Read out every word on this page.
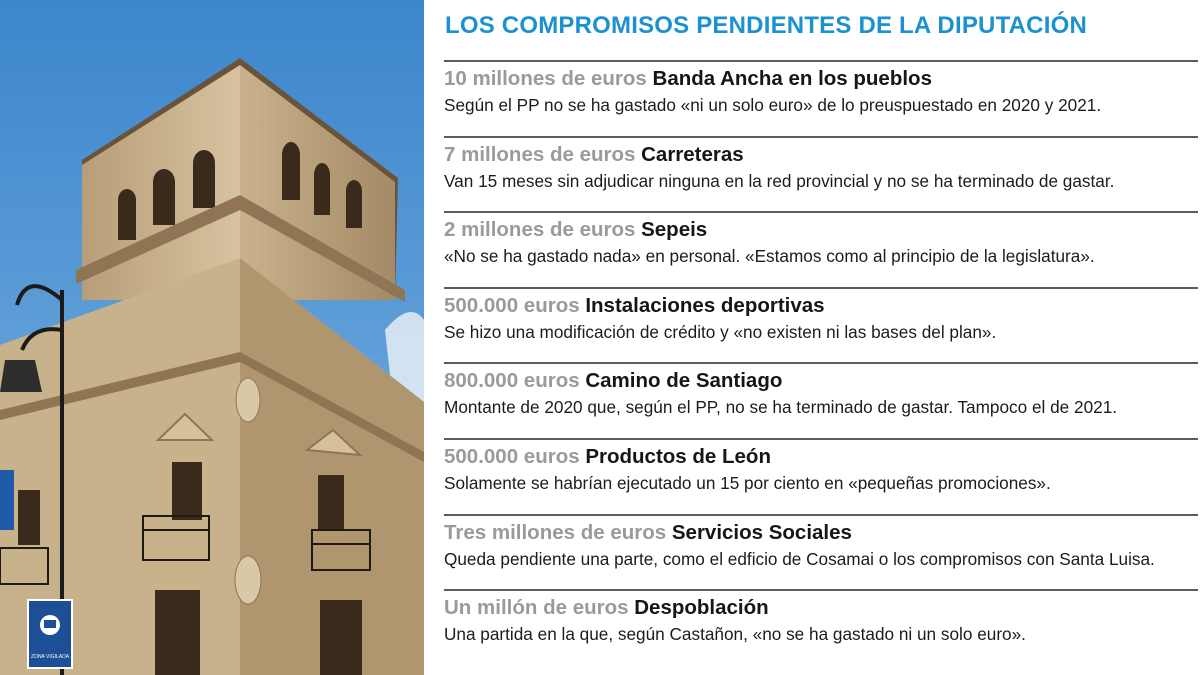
ZONA VIGILADA
LOS COMPROMISOS PENDIENTES DE LA DIPUTACIÓN
10 millones de euros Banda Ancha en los pueblos
Según el PP no se ha gastado «ni un solo euro» de lo preuspuestado en 2020 y 2021.
7 millones de euros Carreteras
Van 15 meses sin adjudicar ninguna en la red provincial y no se ha terminado de gastar.
2 millones de euros Sepeis
«No se ha gastado nada» en personal. «Estamos como al principio de la legislatura».
500.000 euros Instalaciones deportivas
Se hizo una modificación de crédito y «no existen ni las bases del plan».
800.000 euros Camino de Santiago
Montante de 2020 que, según el PP, no se ha terminado de gastar. Tampoco el de 2021.
500.000 euros Productos de León
Solamente se habrían ejecutado un 15 por ciento en «pequeñas promociones».
Tres millones de euros Servicios Sociales
Queda pendiente una parte, como el edficio de Cosamai o los compromisos con Santa Luisa.
Un millón de euros Despoblación
Una partida en la que, según Castañon, «no se ha gastado ni un solo euro».
